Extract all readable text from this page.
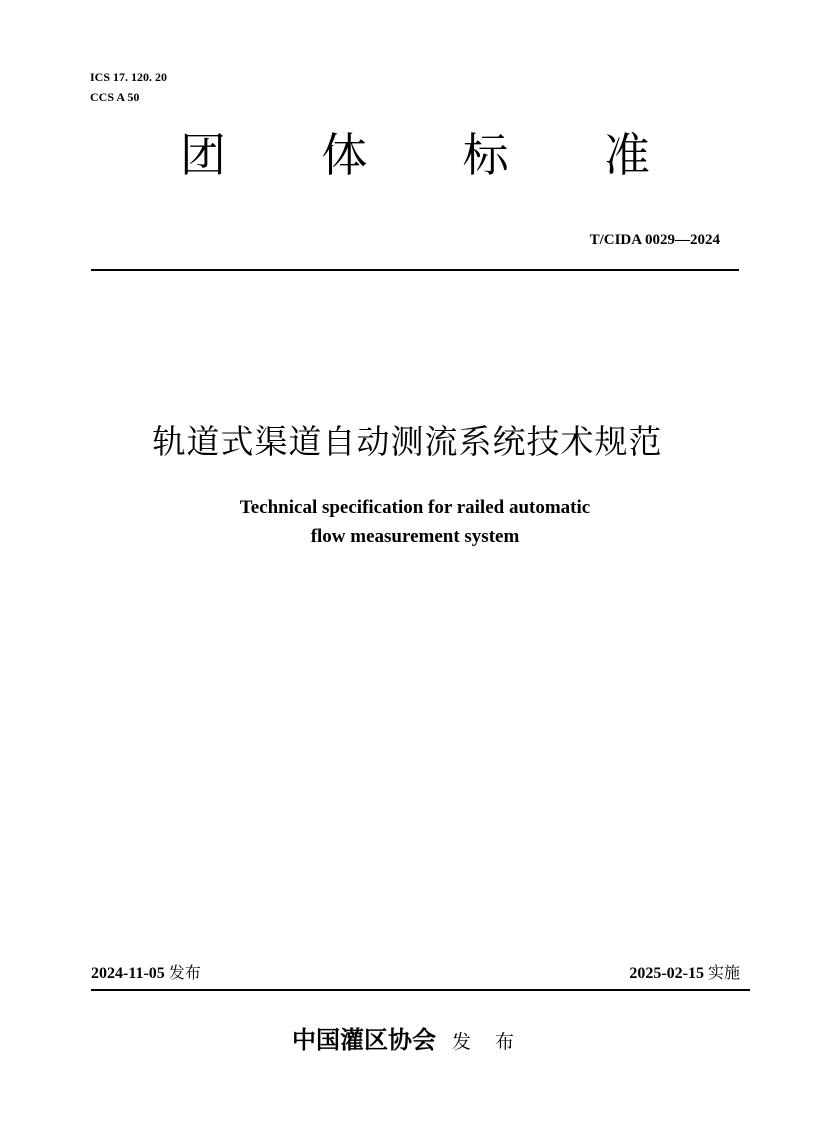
ICS 17. 120. 20
CCS A 50
团 体 标 准
T/CIDA 0029—2024
轨道式渠道自动测流系统技术规范
Technical specification for railed automatic
flow measurement system
2024-11-05 发布	2025-02-15 实施
中国灌区协会 发布
